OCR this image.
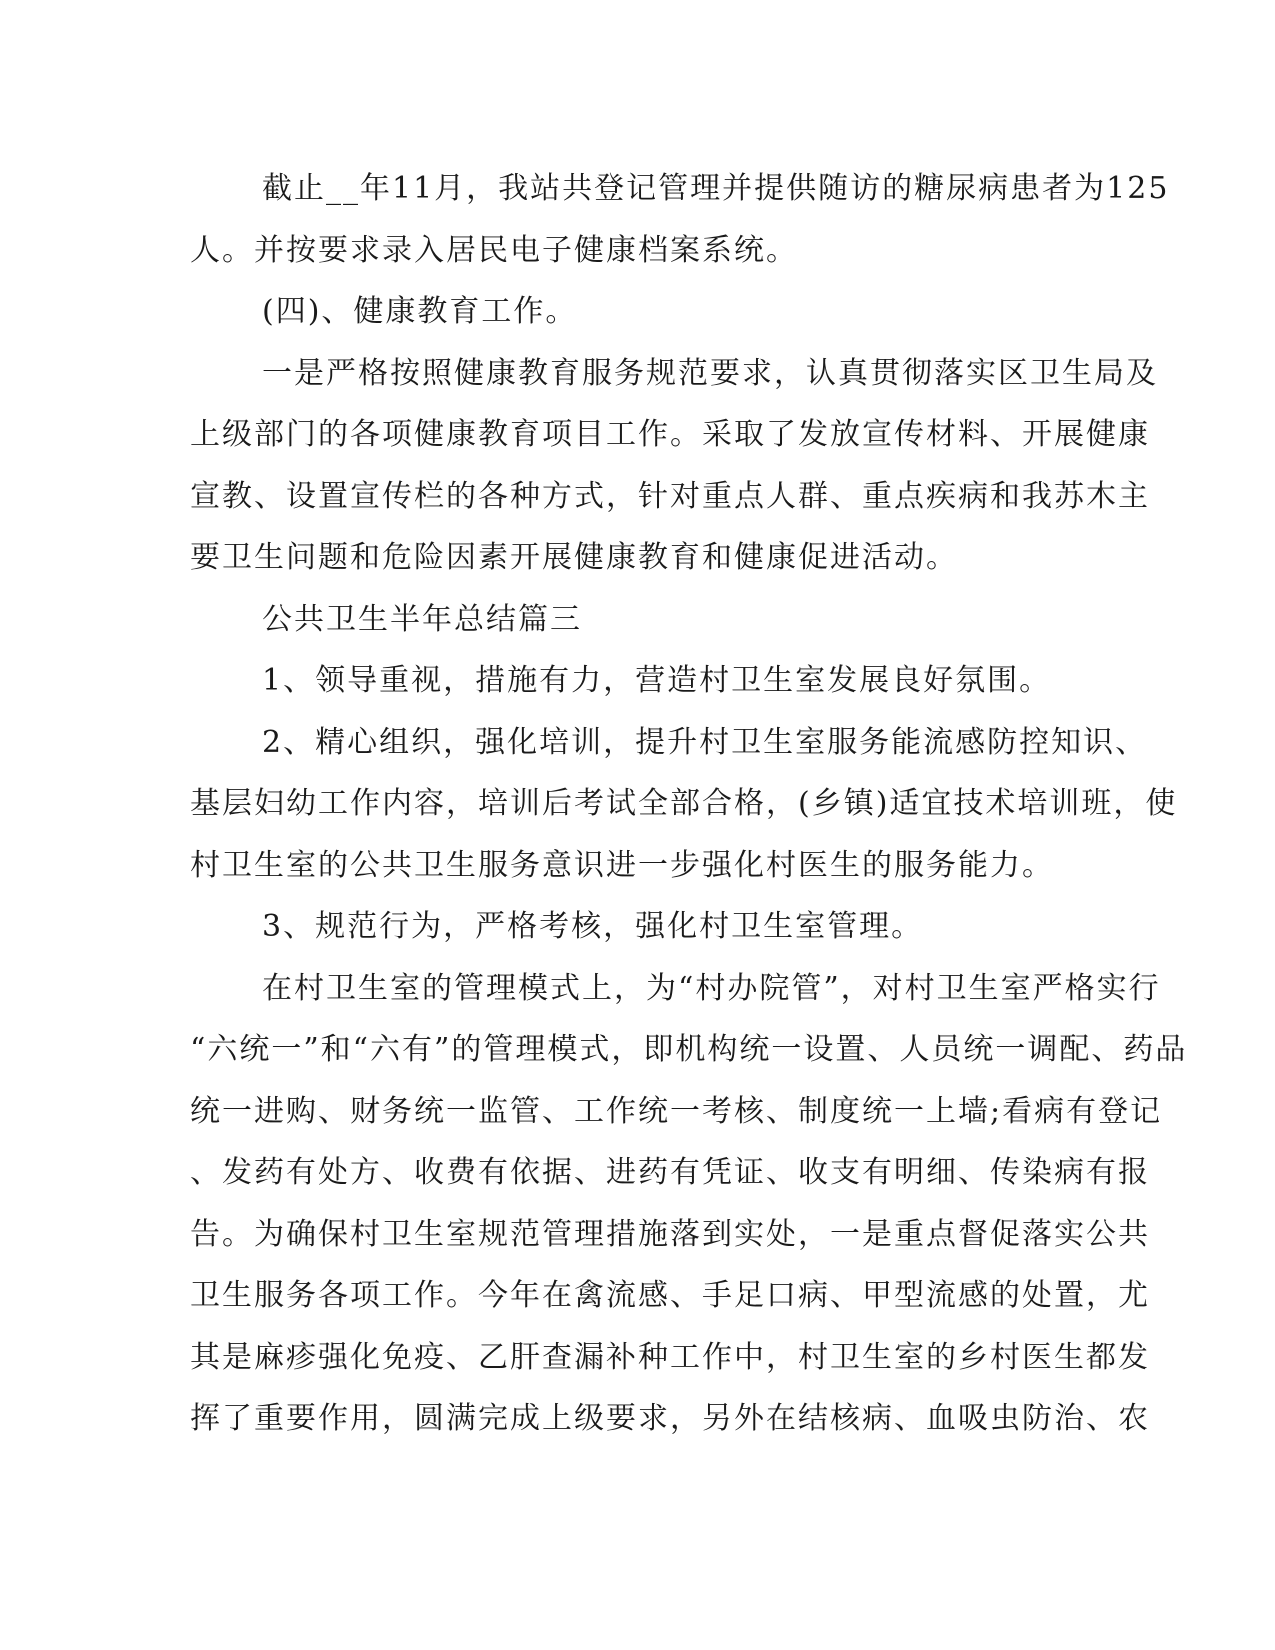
截止__年11月，我站共登记管理并提供随访的糖尿病患者为125
人。并按要求录入居民电子健康档案系统。
(四)、健康教育工作。
一是严格按照健康教育服务规范要求，认真贯彻落实区卫生局及
上级部门的各项健康教育项目工作。采取了发放宣传材料、开展健康
宣教、设置宣传栏的各种方式，针对重点人群、重点疾病和我苏木主
要卫生问题和危险因素开展健康教育和健康促进活动。
公共卫生半年总结篇三
1、领导重视，措施有力，营造村卫生室发展良好氛围。
2、精心组织，强化培训，提升村卫生室服务能流感防控知识、
基层妇幼工作内容，培训后考试全部合格，(乡镇)适宜技术培训班，使
村卫生室的公共卫生服务意识进一步强化村医生的服务能力。
3、规范行为，严格考核，强化村卫生室管理。
在村卫生室的管理模式上，为“村办院管”，对村卫生室严格实行
“六统一”和“六有”的管理模式，即机构统一设置、人员统一调配、药品
统一进购、财务统一监管、工作统一考核、制度统一上墙;看病有登记
、发药有处方、收费有依据、进药有凭证、收支有明细、传染病有报
告。为确保村卫生室规范管理措施落到实处，一是重点督促落实公共
卫生服务各项工作。今年在禽流感、手足口病、甲型流感的处置，尤
其是麻疹强化免疫、乙肝查漏补种工作中，村卫生室的乡村医生都发
挥了重要作用，圆满完成上级要求，另外在结核病、血吸虫防治、农
